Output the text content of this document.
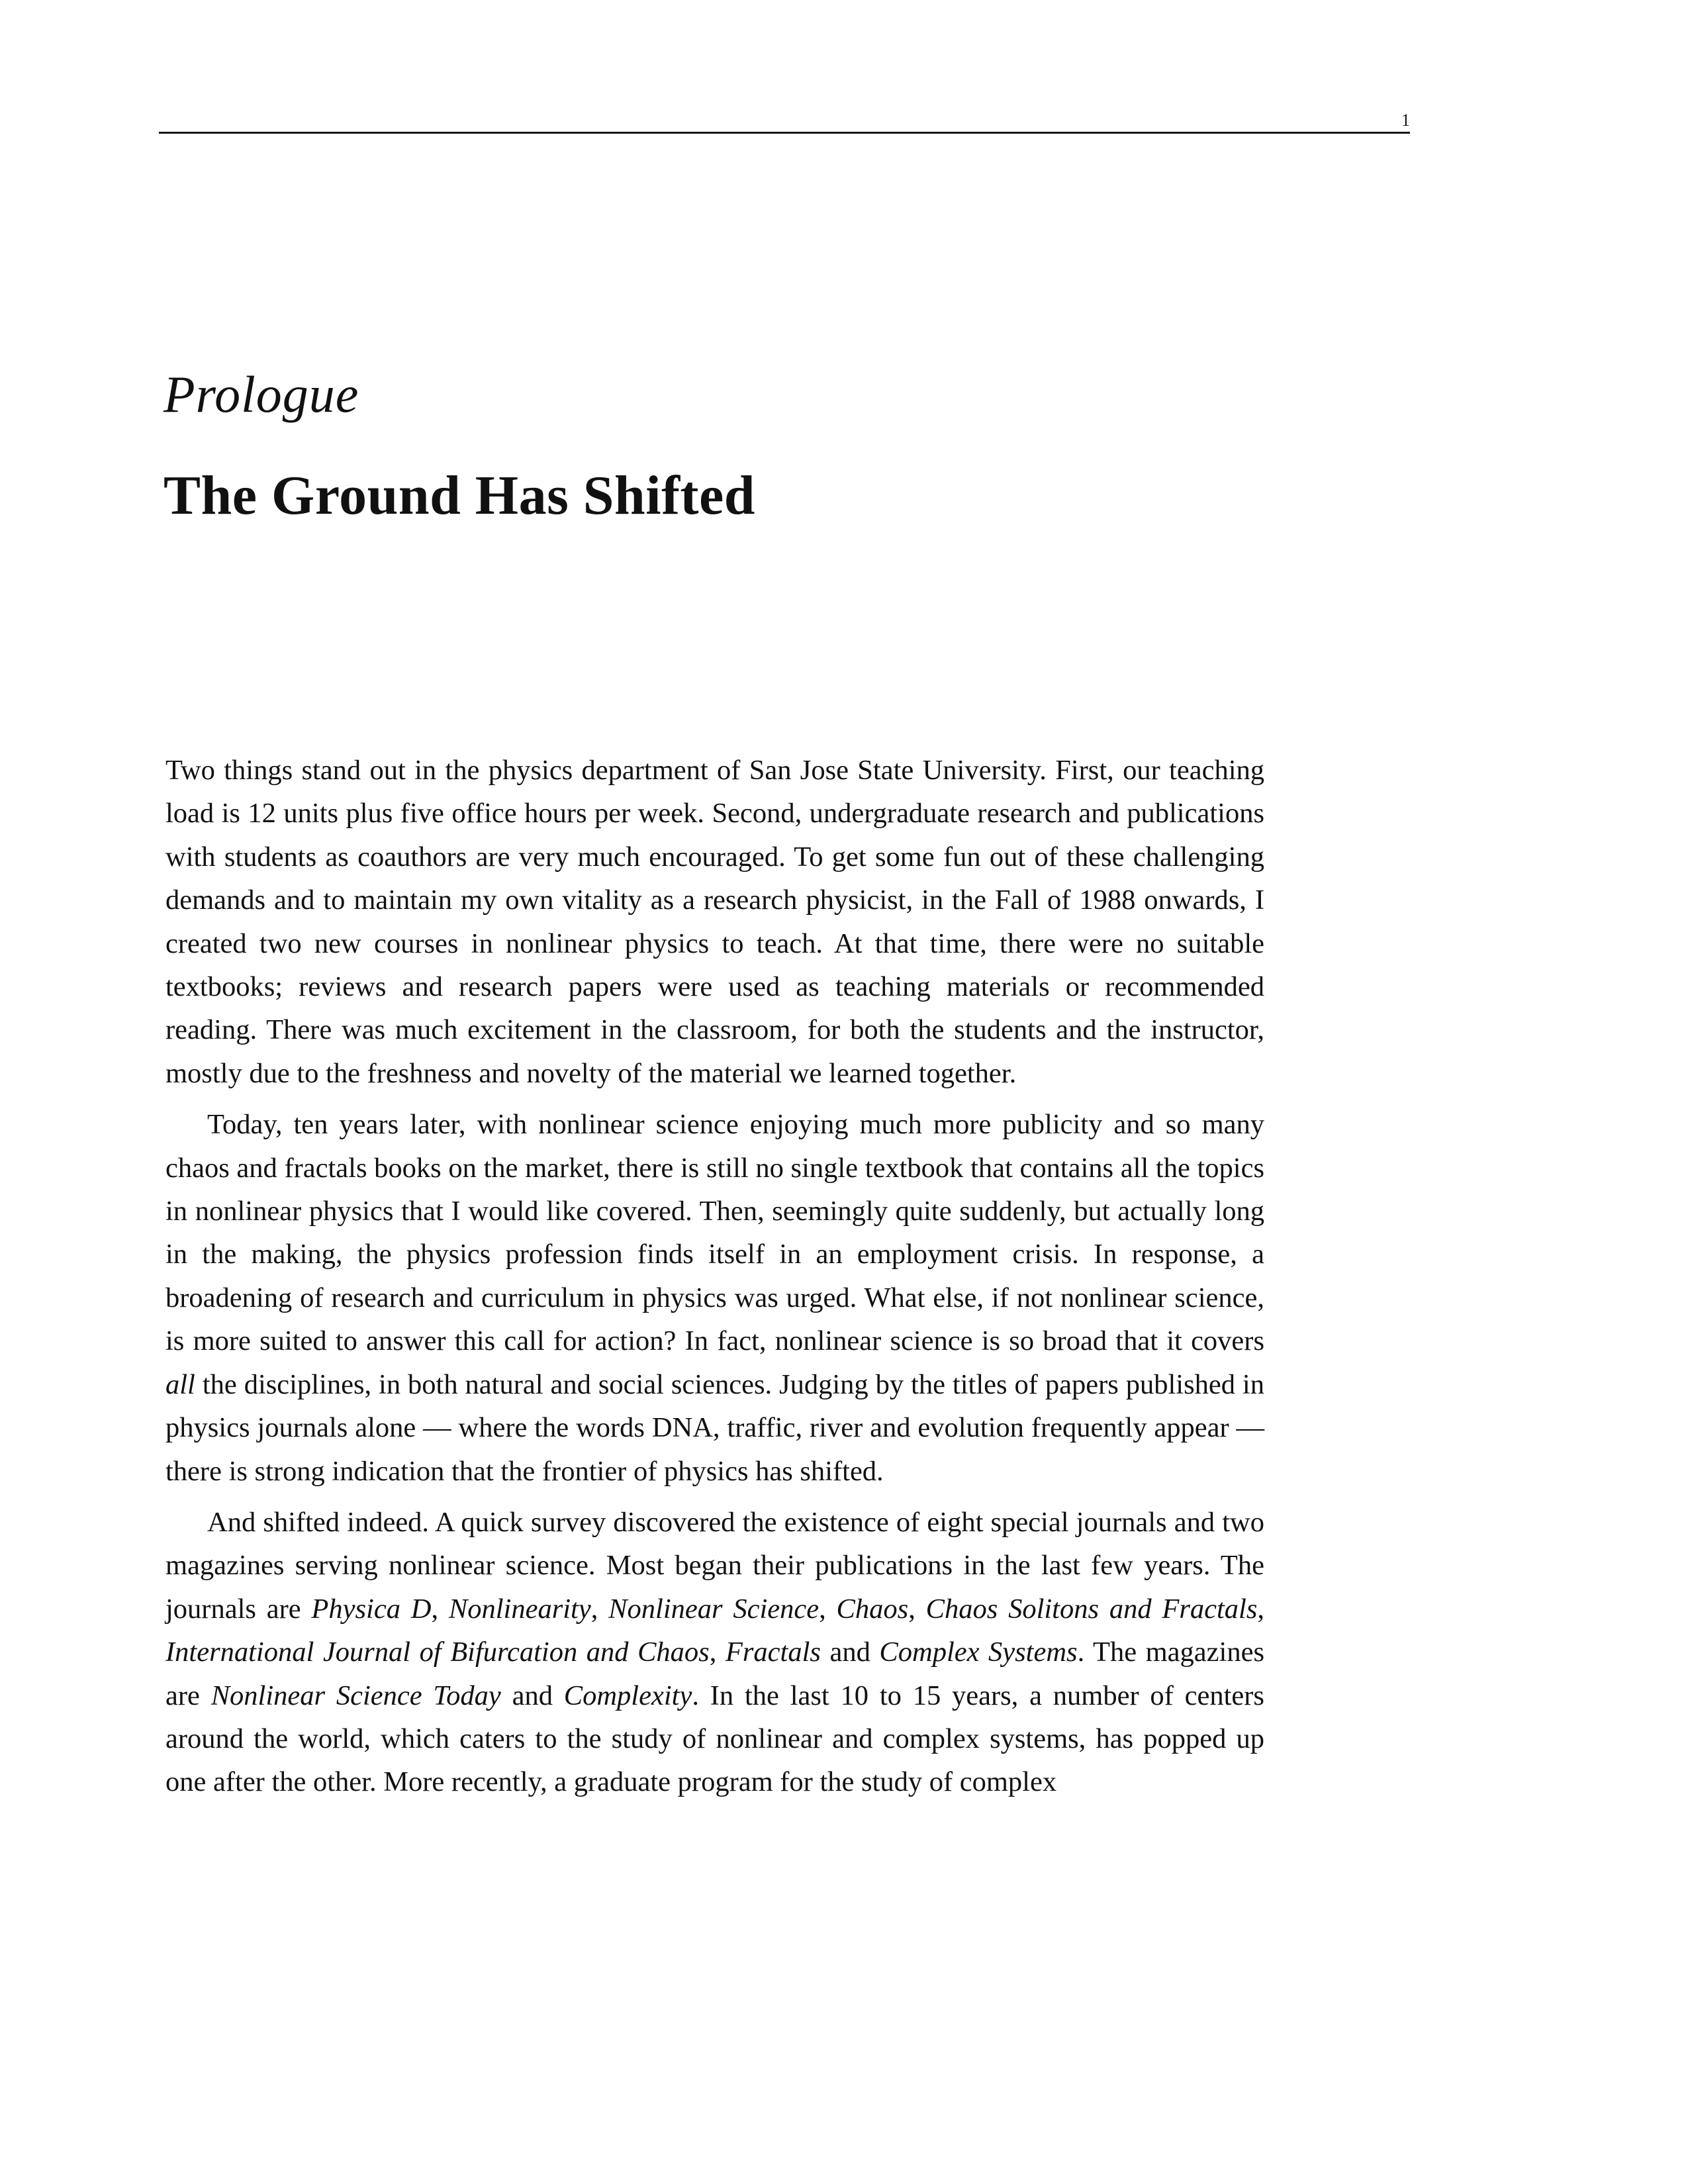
1
Prologue
The Ground Has Shifted

Two things stand out in the physics department of San Jose State University. First, our teaching load is 12 units plus five office hours per week. Second, undergraduate research and publications with students as coauthors are very much encouraged. To get some fun out of these challenging demands and to maintain my own vitality as a research physicist, in the Fall of 1988 onwards, I created two new courses in nonlinear physics to teach. At that time, there were no suitable textbooks; reviews and research papers were used as teaching materials or recommended reading. There was much excitement in the classroom, for both the students and the instructor, mostly due to the freshness and novelty of the material we learned together.

Today, ten years later, with nonlinear science enjoying much more publicity and so many chaos and fractals books on the market, there is still no single textbook that contains all the topics in nonlinear physics that I would like covered. Then, seemingly quite suddenly, but actually long in the making, the physics profession finds itself in an employment crisis. In response, a broadening of research and curriculum in physics was urged. What else, if not nonlinear science, is more suited to answer this call for action? In fact, nonlinear science is so broad that it covers all the disciplines, in both natural and social sciences. Judging by the titles of papers published in physics journals alone — where the words DNA, traffic, river and evolution frequently appear — there is strong indication that the frontier of physics has shifted.

And shifted indeed. A quick survey discovered the existence of eight special journals and two magazines serving nonlinear science. Most began their publications in the last few years. The journals are Physica D, Nonlinearity, Nonlinear Science, Chaos, Chaos Solitons and Fractals, International Journal of Bifurcation and Chaos, Fractals and Complex Systems. The magazines are Nonlinear Science Today and Complexity. In the last 10 to 15 years, a number of centers around the world, which caters to the study of nonlinear and complex systems, has popped up one after the other. More recently, a graduate program for the study of complex
